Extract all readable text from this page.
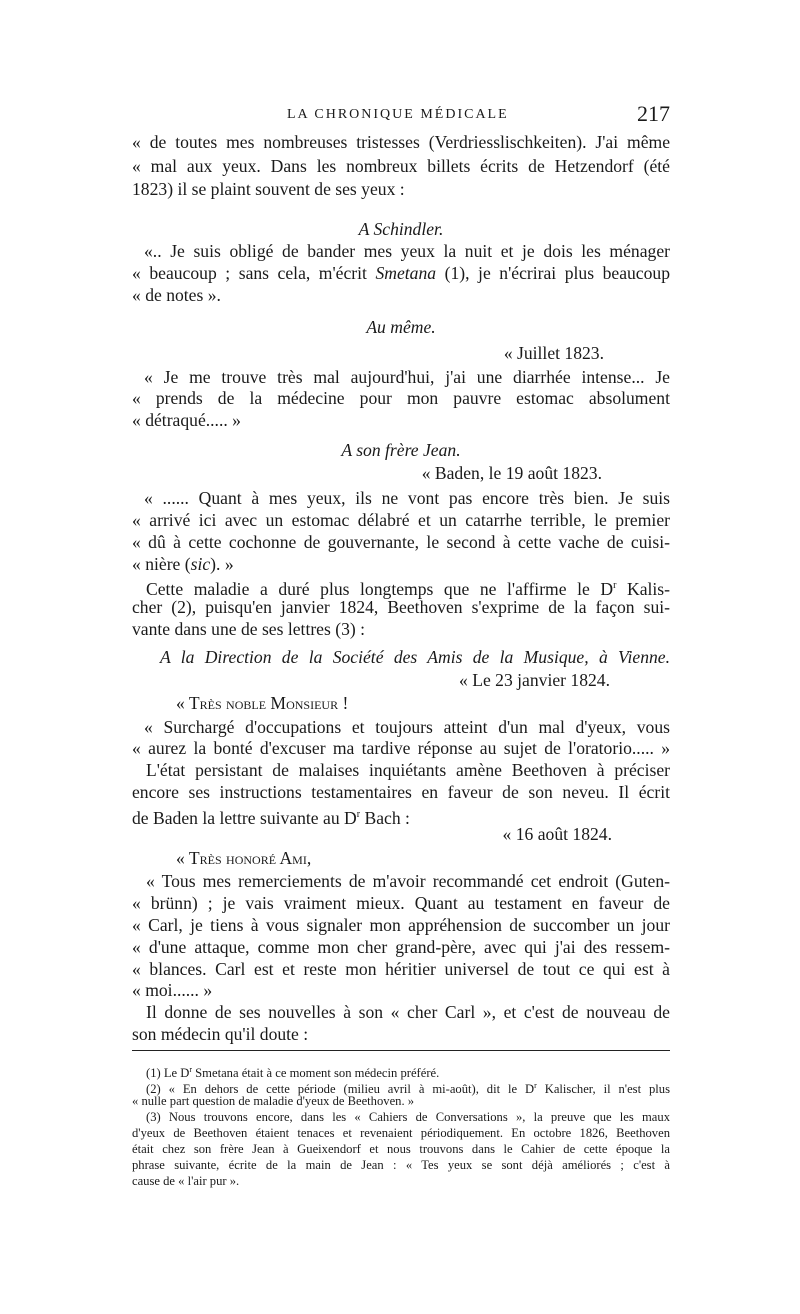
LA CHRONIQUE MÉDICALE	217
« de toutes mes nombreuses tristesses (Verdriesslischkeiten). J'ai même
« mal aux yeux. Dans les nombreux billets écrits de Hetzendorf (été
1823) il se plaint souvent de ses yeux :
A Schindler.
«.. Je suis obligé de bander mes yeux la nuit et je dois les ménager
« beaucoup ; sans cela, m'écrit Smetana (1), je n'écrirai plus beaucoup
« de notes ».
Au même.
« Juillet 1823.
« Je me trouve très mal aujourd'hui, j'ai une diarrhée intense... Je
« prends de la médecine pour mon pauvre estomac absolument
« détraqué..... »
A son frère Jean.
« Baden, le 19 août 1823.
« ...... Quant à mes yeux, ils ne vont pas encore très bien. Je suis
« arrivé ici avec un estomac délabré et un catarrhe terrible, le premier
« dû à cette cochonne de gouvernante, le second à cette vache de cuisi-
« nière (sic). »
Cette maladie a duré plus longtemps que ne l'affirme le $D^r$ Kalis-
cher (2), puisqu'en janvier 1824, Beethoven s'exprime de la façon sui-
vante dans une de ses lettres (3) :
A la Direction de la Société des Amis de la Musique, à Vienne.
« Le 23 janvier 1824.
« Très noble Monsieur !
« Surchargé d'occupations et toujours atteint d'un mal d'yeux, vous
« aurez la bonté d'excuser ma tardive réponse au sujet de l'oratorio..... »
L'état persistant de malaises inquiétants amène Beethoven à préciser
encore ses instructions testamentaires en faveur de son neveu. Il écrit
de Baden la lettre suivante au $D^r$ Bach :
« 16 août 1824.
« Très honoré Ami,
« Tous mes remerciements de m'avoir recommandé cet endroit (Guten-
« brünn) ; je vais vraiment mieux. Quant au testament en faveur de
« Carl, je tiens à vous signaler mon appréhension de succomber un jour
« d'une attaque, comme mon cher grand-père, avec qui j'ai des ressem-
« blances. Carl est et reste mon héritier universel de tout ce qui est à
« moi...... »
Il donne de ses nouvelles à son « cher Carl », et c'est de nouveau de
son médecin qu'il doute :
(1) Le $D^r$ Smetana était à ce moment son médecin préféré.
(2) « En dehors de cette période (milieu avril à mi-août), dit le $D^r$ Kalischer, il n'est plus
« nulle part question de maladie d'yeux de Beethoven. »
(3) Nous trouvons encore, dans les « Cahiers de Conversations », la preuve que les maux
d'yeux de Beethoven étaient tenaces et revenaient périodiquement. En octobre 1826, Beethoven
était chez son frère Jean à Gueixendorf et nous trouvons dans le Cahier de cette époque la
phrase suivante, écrite de la main de Jean : « Tes yeux se sont déjà améliorés ; c'est à
cause de « l'air pur ».
